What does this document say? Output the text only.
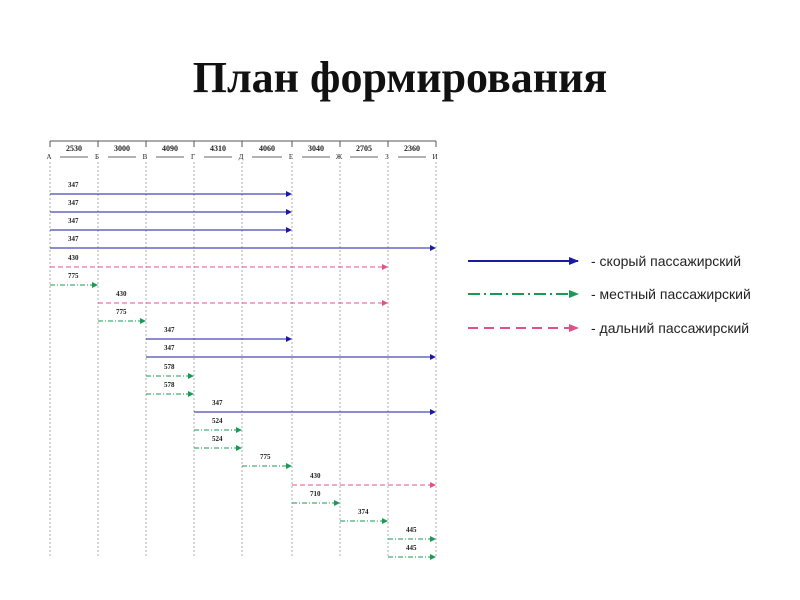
План формирования
А	Б	В	Г	Д	Е	Ж	З	И
2530	3000	4090	4310	4060	3040	2705	2360
347
347
347
347
430
775
430
775
347
347
578
578
347
524
524
775
430
710
374
445
445
- скорый пассажирский
- местный пассажирский
- дальний пассажирский
